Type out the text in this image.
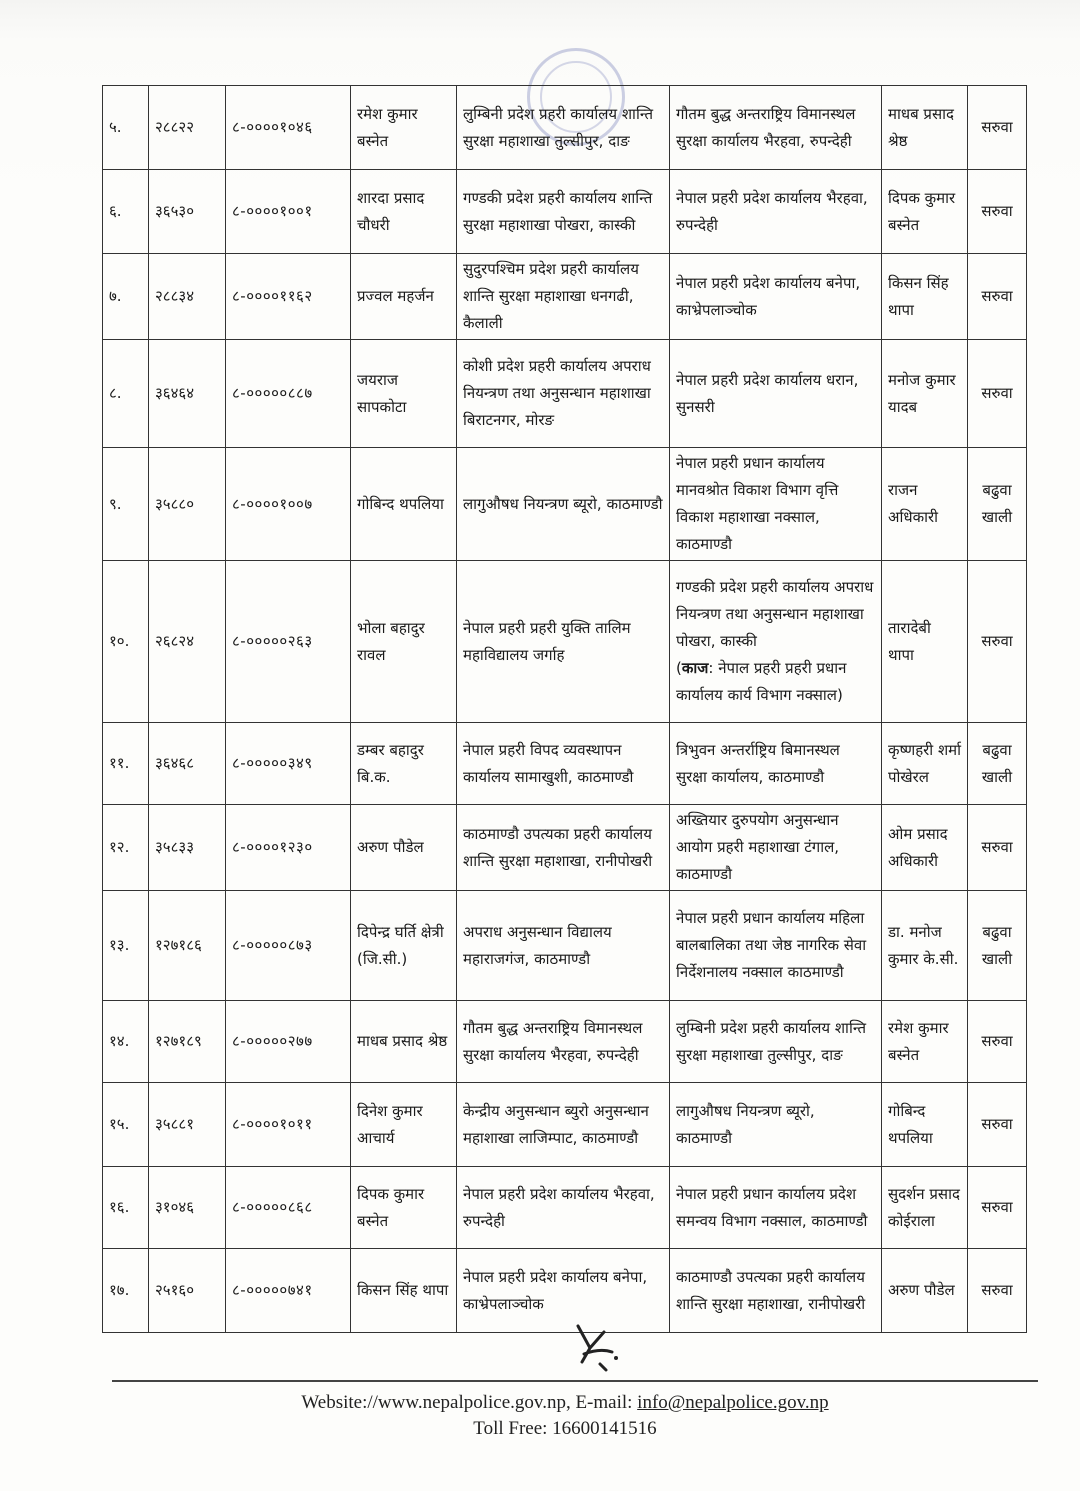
५.	२८८२२	८-००००१०४६	रमेश कुमार बस्नेत	लुम्बिनी प्रदेश प्रहरी कार्यालय शान्ति सुरक्षा महाशाखा तुल्सीपुर, दाङ	गौतम बुद्ध अन्तराष्ट्रिय विमानस्थल सुरक्षा कार्यालय भैरहवा, रुपन्देही	माधब प्रसाद श्रेष्ठ	सरुवा
६.	३६५३०	८-००००१००१	शारदा प्रसाद चौधरी	गण्डकी प्रदेश प्रहरी कार्यालय शान्ति सुरक्षा महाशाखा पोखरा, कास्की	नेपाल प्रहरी प्रदेश कार्यालय भैरहवा, रुपन्देही	दिपक कुमार बस्नेत	सरुवा
७.	२८८३४	८-००००११६२	प्रज्वल महर्जन	सुदुरपश्चिम प्रदेश प्रहरी कार्यालय शान्ति सुरक्षा महाशाखा धनगढी, कैलाली	नेपाल प्रहरी प्रदेश कार्यालय बनेपा, काभ्रेपलाञ्चोक	किसन सिंह थापा	सरुवा
८.	३६४६४	८-०००००८८७	जयराज सापकोटा	कोशी प्रदेश प्रहरी कार्यालय अपराध नियन्त्रण तथा अनुसन्धान महाशाखा बिराटनगर, मोरङ	नेपाल प्रहरी प्रदेश कार्यालय धरान, सुनसरी	मनोज कुमार यादब	सरुवा
९.	३५८८०	८-००००१००७	गोबिन्द थपलिया	लागुऔषध नियन्त्रण ब्यूरो, काठमाण्डौ	नेपाल प्रहरी प्रधान कार्यालय मानवश्रोत विकाश विभाग वृत्ति विकाश महाशाखा नक्साल, काठमाण्डौ	राजन अधिकारी	बढुवा खाली
१०.	२६८२४	८-०००००२६३	भोला बहादुर रावल	नेपाल प्रहरी प्रहरी युक्ति तालिम महाविद्यालय जर्गाह	गण्डकी प्रदेश प्रहरी कार्यालय अपराध नियन्त्रण तथा अनुसन्धान महाशाखा पोखरा, कास्की
(काज: नेपाल प्रहरी प्रहरी प्रधान कार्यालय कार्य विभाग नक्साल)	तारादेबी थापा	सरुवा
११.	३६४६८	८-०००००३४९	डम्बर बहादुर बि.क.	नेपाल प्रहरी विपद व्यवस्थापन कार्यालय सामाखुशी, काठमाण्डौ	त्रिभुवन अन्तर्राष्ट्रिय बिमानस्थल सुरक्षा कार्यालय, काठमाण्डौ	कृष्णहरी शर्मा पोखेरल	बढुवा खाली
१२.	३५८३३	८-००००१२३०	अरुण पौडेल	काठमाण्डौ उपत्यका प्रहरी कार्यालय शान्ति सुरक्षा महाशाखा, रानीपोखरी	अख्तियार दुरुपयोग अनुसन्धान आयोग प्रहरी महाशाखा टंगाल, काठमाण्डौ	ओम प्रसाद अधिकारी	सरुवा
१३.	१२७१८६	८-०००००८७३	दिपेन्द्र घर्ति क्षेत्री (जि.सी.)	अपराध अनुसन्धान विद्यालय महाराजगंज, काठमाण्डौ	नेपाल प्रहरी प्रधान कार्यालय महिला बालबालिका तथा जेष्ठ नागरिक सेवा निर्देशनालय नक्साल काठमाण्डौ	डा. मनोज कुमार के.सी.	बढुवा खाली
१४.	१२७१८९	८-०००००२७७	माधब प्रसाद श्रेष्ठ	गौतम बुद्ध अन्तराष्ट्रिय विमानस्थल सुरक्षा कार्यालय भैरहवा, रुपन्देही	लुम्बिनी प्रदेश प्रहरी कार्यालय शान्ति सुरक्षा महाशाखा तुल्सीपुर, दाङ	रमेश कुमार बस्नेत	सरुवा
१५.	३५८८१	८-००००१०११	दिनेश कुमार आचार्य	केन्द्रीय अनुसन्धान ब्युरो अनुसन्धान महाशाखा लाजिम्पाट, काठमाण्डौ	लागुऔषध नियन्त्रण ब्यूरो, काठमाण्डौ	गोबिन्द थपलिया	सरुवा
१६.	३१०४६	८-०००००८६८	दिपक कुमार बस्नेत	नेपाल प्रहरी प्रदेश कार्यालय भैरहवा, रुपन्देही	नेपाल प्रहरी प्रधान कार्यालय प्रदेश समन्वय विभाग नक्साल, काठमाण्डौ	सुदर्शन प्रसाद कोईराला	सरुवा
१७.	२५१६०	८-०००००७४१	किसन सिंह थापा	नेपाल प्रहरी प्रदेश कार्यालय बनेपा, काभ्रेपलाञ्चोक	काठमाण्डौ उपत्यका प्रहरी कार्यालय शान्ति सुरक्षा महाशाखा, रानीपोखरी	अरुण पौडेल	सरुवा
Website://www.nepalpolice.gov.np, E-mail: info@nepalpolice.gov.np
Toll Free: 16600141516
